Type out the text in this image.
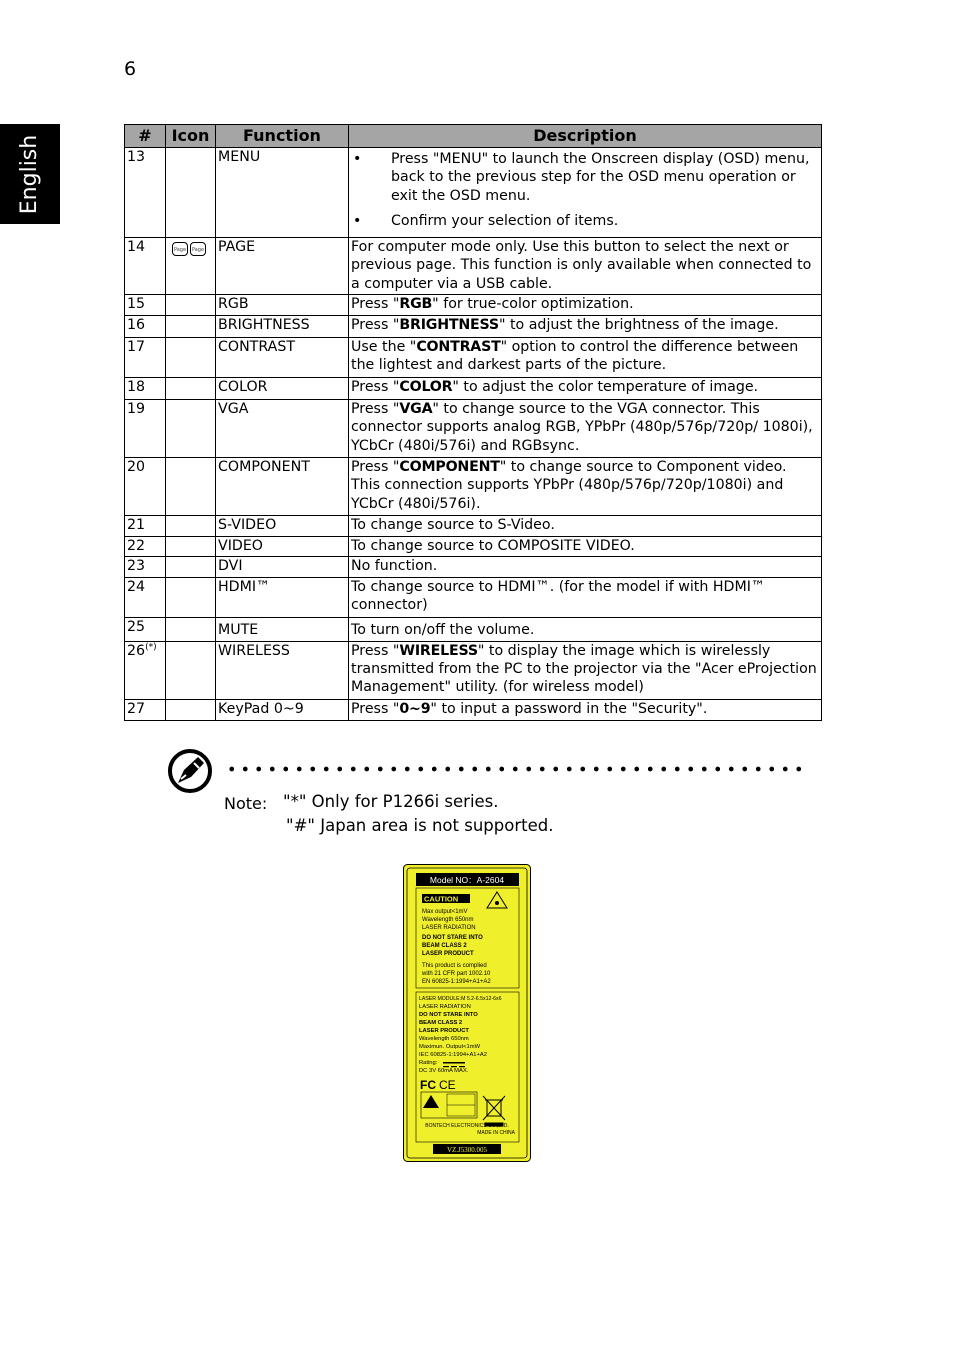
6
English	#	Icon	Function	Description
13		MENU	• Press "MENU" to launch the Onscreen display (OSD) menu, back to the previous step for the OSD menu operation or exit the OSD menu.

• Confirm your selection of items.

14	Page Page	PAGE	For computer mode only. Use this button to select the next or previous page. This function is only available when connected to a computer via a USB cable.
15		RGB	Press "RGB" for true-color optimization.
16		BRIGHTNESS	Press "BRIGHTNESS" to adjust the brightness of the image.
17		CONTRAST	Use the "CONTRAST" option to control the difference between the lightest and darkest parts of the picture.
18		COLOR	Press "COLOR" to adjust the color temperature of image.
19		VGA	Press "VGA" to change source to the VGA connector. This connector supports analog RGB, YPbPr (480p/576p/720p/ 1080i), YCbCr (480i/576i) and RGBsync.
20		COMPONENT	Press "COMPONENT" to change source to Component video. This connection supports YPbPr (480p/576p/720p/1080i) and YCbCr (480i/576i).
21		S-VIDEO	To change source to S-Video.
22		VIDEO	To change source to COMPOSITE VIDEO.
23		DVI	No function.
24		HDMI™	To change source to HDMI™. (for the model if with HDMI™ connector)
25		MUTE	To turn on/off the volume.
26(*)		WIRELESS	Press "WIRELESS" to display the image which is wirelessly transmitted from the PC to the projector via the "Acer eProjection Management" utility. (for wireless model)
27		KeyPad 0~9	Press "0~9" to input a password in the "Security".
Note: "*" Only for P1266i series.
"#" Japan area is not supported.
Model NO：A-2604
CAUTION
Max output<1mV Wavelength 650nm LASER RADIATION
DO NOT STARE INTO BEAM CLASS 2 LASER PRODUCT
This product is complied with 21 CFR part 1002.10 EN 60825-1:1994+A1+A2
LASER MODULE:M 5.2-6.5x12-6x6
LASER RADIATION
DO NOT STARE INTO BEAM CLASS 2 LASER PRODUCT
Wavelength 650nm Maximun. Output<1mW IEC 60825-1:1994+A1+A2 Rating: DC 3V 60mA MAX.
FC CE
BONTECH ELECTRONICS CO.,LTD.
MADE IN CHINA
VZ.J5300.005
